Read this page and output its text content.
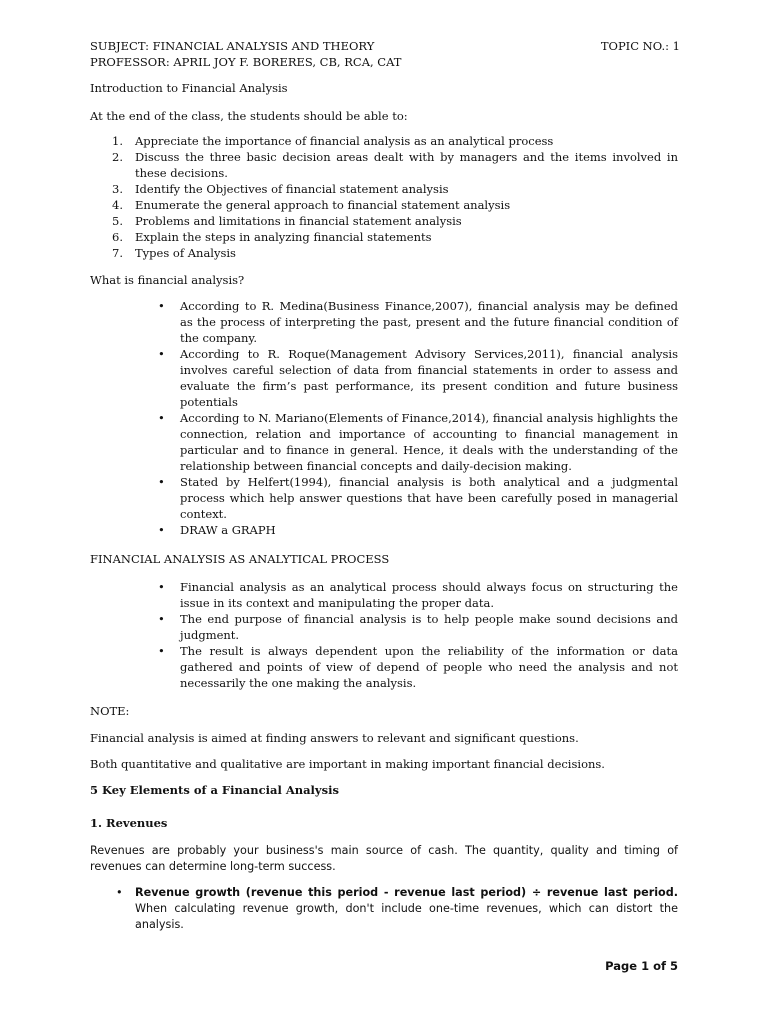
SUBJECT: FINANCIAL ANALYSIS AND THEORY	TOPIC NO.: 1
PROFESSOR: APRIL JOY F. BORERES, CB, RCA, CAT
Introduction to Financial Analysis
At the end of the class, the students should be able to:
1.	Appreciate the importance of financial analysis as an analytical process
2.	Discuss the three basic decision areas dealt with by managers and the items involved in these decisions.
3.	Identify the Objectives of financial statement analysis
4.	Enumerate the general approach to financial statement analysis
5.	Problems and limitations in financial statement analysis
6.	Explain the steps in analyzing financial statements
7.	Types of Analysis
What is financial analysis?
•	According to R. Medina(Business Finance,2007), financial analysis may be defined as the process of interpreting the past, present and the future financial condition of the company.
•	According to R. Roque(Management Advisory Services,2011), financial analysis involves careful selection of data from financial statements in order to assess and evaluate the firm’s past performance, its present condition and future business potentials
•	According to N. Mariano(Elements of Finance,2014), financial analysis highlights the connection, relation and importance of accounting to financial management in particular and to finance in general. Hence, it deals with the understanding of the relationship between financial concepts and daily-decision making.
•	Stated by Helfert(1994), financial analysis is both analytical and a judgmental process which help answer questions that have been carefully posed in managerial context.
•	DRAW a GRAPH
FINANCIAL ANALYSIS AS ANALYTICAL PROCESS
•	Financial analysis as an analytical process should always focus on structuring the issue in its context and manipulating the proper data.
•	The end purpose of financial analysis is to help people make sound decisions and judgment.
•	The result is always dependent upon the reliability of the information or data gathered and points of view of depend of people who need the analysis and not necessarily the one making the analysis.
NOTE:
Financial analysis is aimed at finding answers to relevant and significant questions.
Both quantitative and qualitative are important in making important financial decisions.
5 Key Elements of a Financial Analysis
1. Revenues
Revenues are probably your business's main source of cash. The quantity, quality and timing of revenues can determine long-term success.
•	Revenue growth (revenue this period - revenue last period) ÷ revenue last period. When calculating revenue growth, don't include one-time revenues, which can distort the analysis.
Page 1 of 5
